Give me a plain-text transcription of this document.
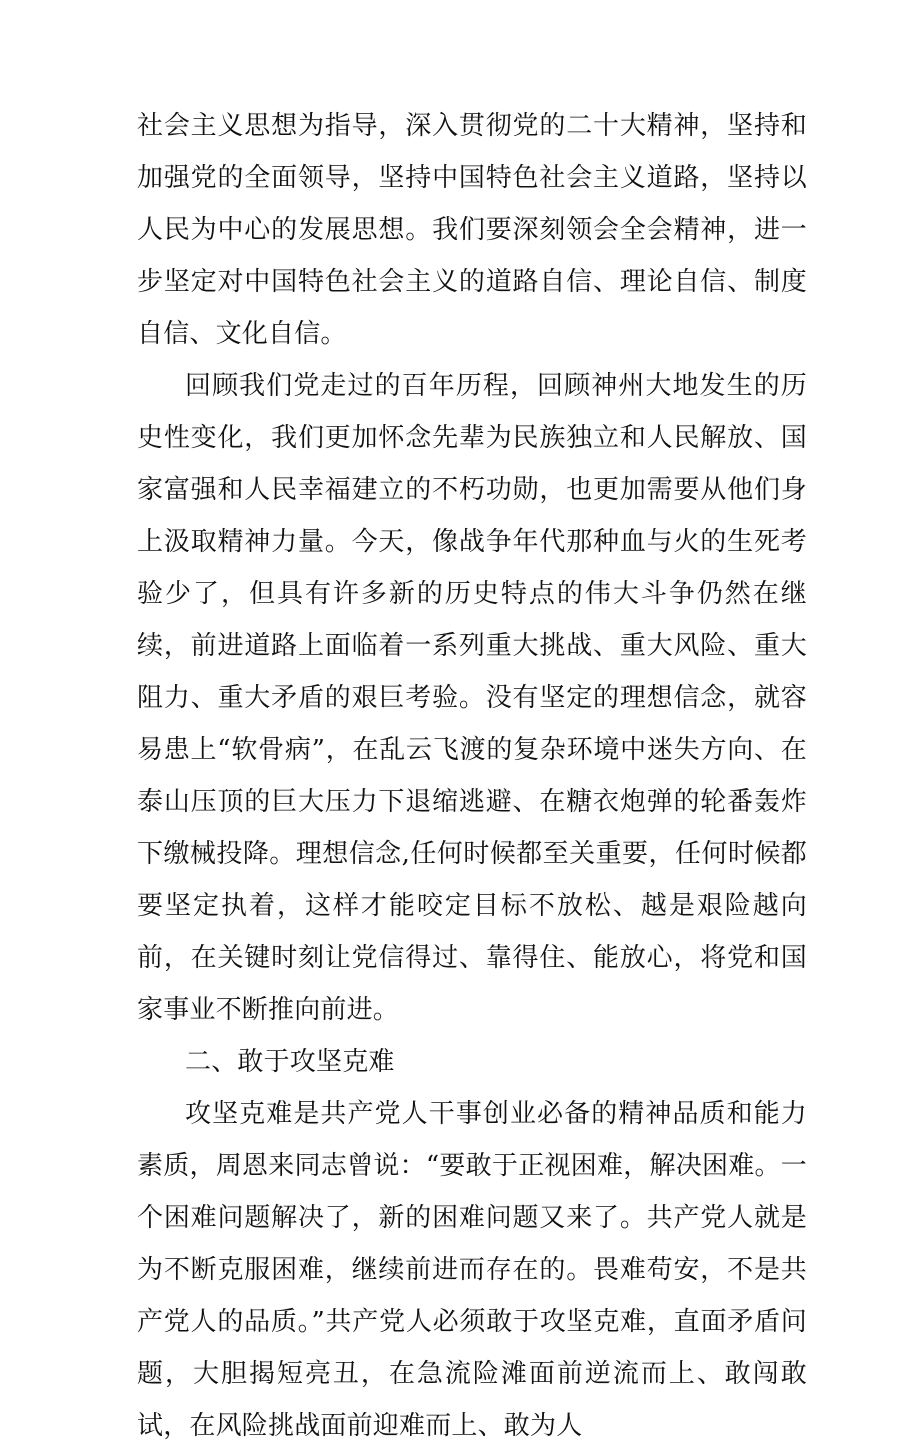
社会主义思想为指导，深入贯彻党的二十大精神，坚持和加强党的全面领导，坚持中国特色社会主义道路，坚持以人民为中心的发展思想。我们要深刻领会全会精神，进一步坚定对中国特色社会主义的道路自信、理论自信、制度自信、文化自信。

回顾我们党走过的百年历程，回顾神州大地发生的历史性变化，我们更加怀念先辈为民族独立和人民解放、国家富强和人民幸福建立的不朽功勋，也更加需要从他们身上汲取精神力量。今天，像战争年代那种血与火的生死考验少了，但具有许多新的历史特点的伟大斗争仍然在继续，前进道路上面临着一系列重大挑战、重大风险、重大阻力、重大矛盾的艰巨考验。没有坚定的理想信念，就容易患上“软骨病”，在乱云飞渡的复杂环境中迷失方向、在泰山压顶的巨大压力下退缩逃避、在糖衣炮弹的轮番轰炸下缴械投降。理想信念,任何时候都至关重要，任何时候都要坚定执着，这样才能咬定目标不放松、越是艰险越向前，在关键时刻让党信得过、靠得住、能放心，将党和国家事业不断推向前进。

二、敢于攻坚克难

攻坚克难是共产党人干事创业必备的精神品质和能力素质，周恩来同志曾说：“要敢于正视困难，解决困难。一个困难问题解决了，新的困难问题又来了。共产党人就是为不断克服困难，继续前进而存在的。畏难苟安，不是共产党人的品质。”共产党人必须敢于攻坚克难，直面矛盾问题，大胆揭短亮丑，在急流险滩面前逆流而上、敢闯敢试，在风险挑战面前迎难而上、敢为人
